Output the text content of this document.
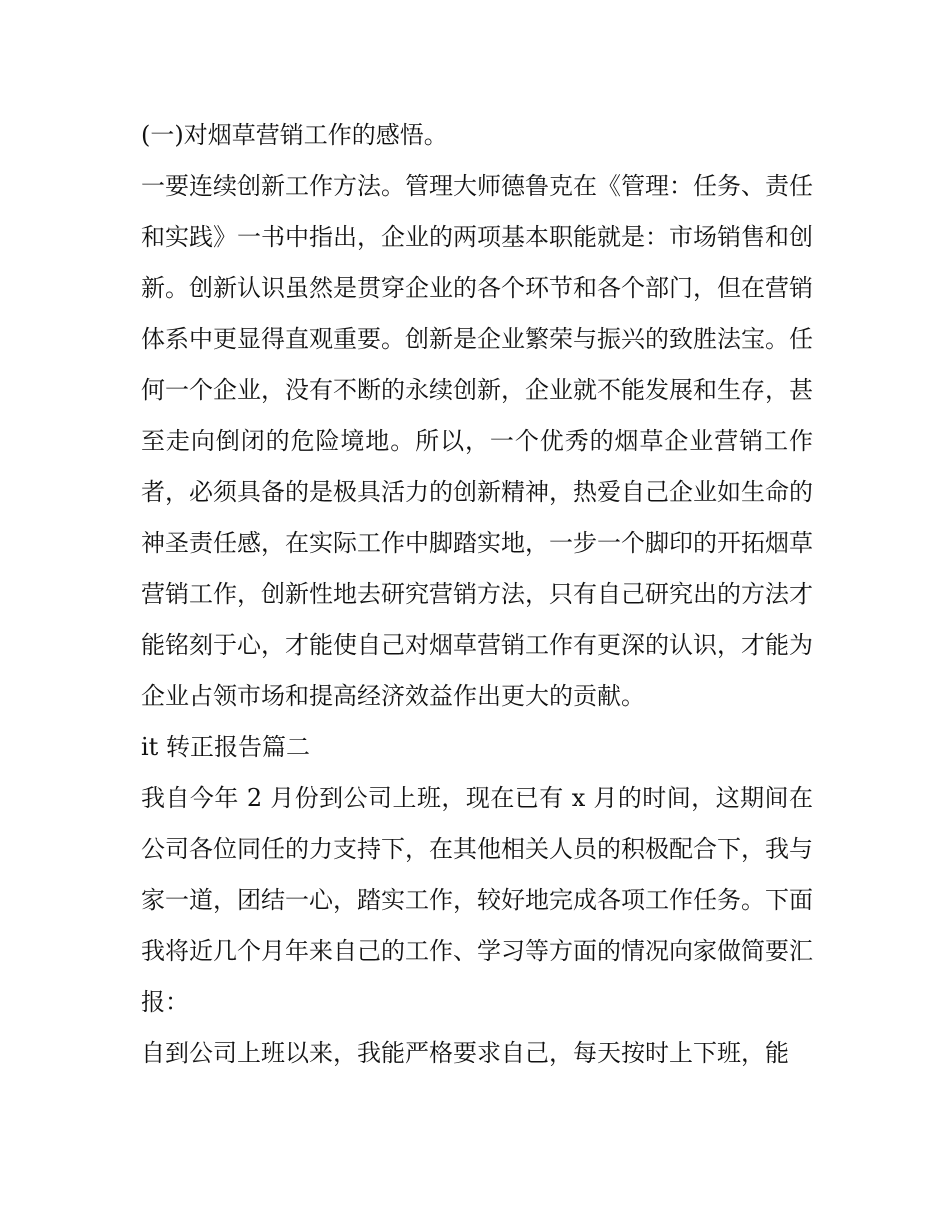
(一)对烟草营销工作的感悟。

一要连续创新工作方法。管理大师德鲁克在《管理：任务、责任和实践》一书中指出，企业的两项基本职能就是：市场销售和创新。创新认识虽然是贯穿企业的各个环节和各个部门，但在营销体系中更显得直观重要。创新是企业繁荣与振兴的致胜法宝。任何一个企业，没有不断的永续创新，企业就不能发展和生存，甚至走向倒闭的危险境地。所以，一个优秀的烟草企业营销工作者，必须具备的是极具活力的创新精神，热爱自己企业如生命的神圣责任感，在实际工作中脚踏实地，一步一个脚印的开拓烟草营销工作，创新性地去研究营销方法，只有自己研究出的方法才能铭刻于心，才能使自己对烟草营销工作有更深的认识，才能为企业占领市场和提高经济效益作出更大的贡献。

it 转正报告篇二

我自今年 2 月份到公司上班，现在已有 x 月的时间，这期间在公司各位同任的力支持下，在其他相关人员的积极配合下，我与家一道，团结一心，踏实工作，较好地完成各项工作任务。下面我将近几个月年来自己的工作、学习等方面的情况向家做简要汇报：

自到公司上班以来，我能严格要求自己，每天按时上下班，能
